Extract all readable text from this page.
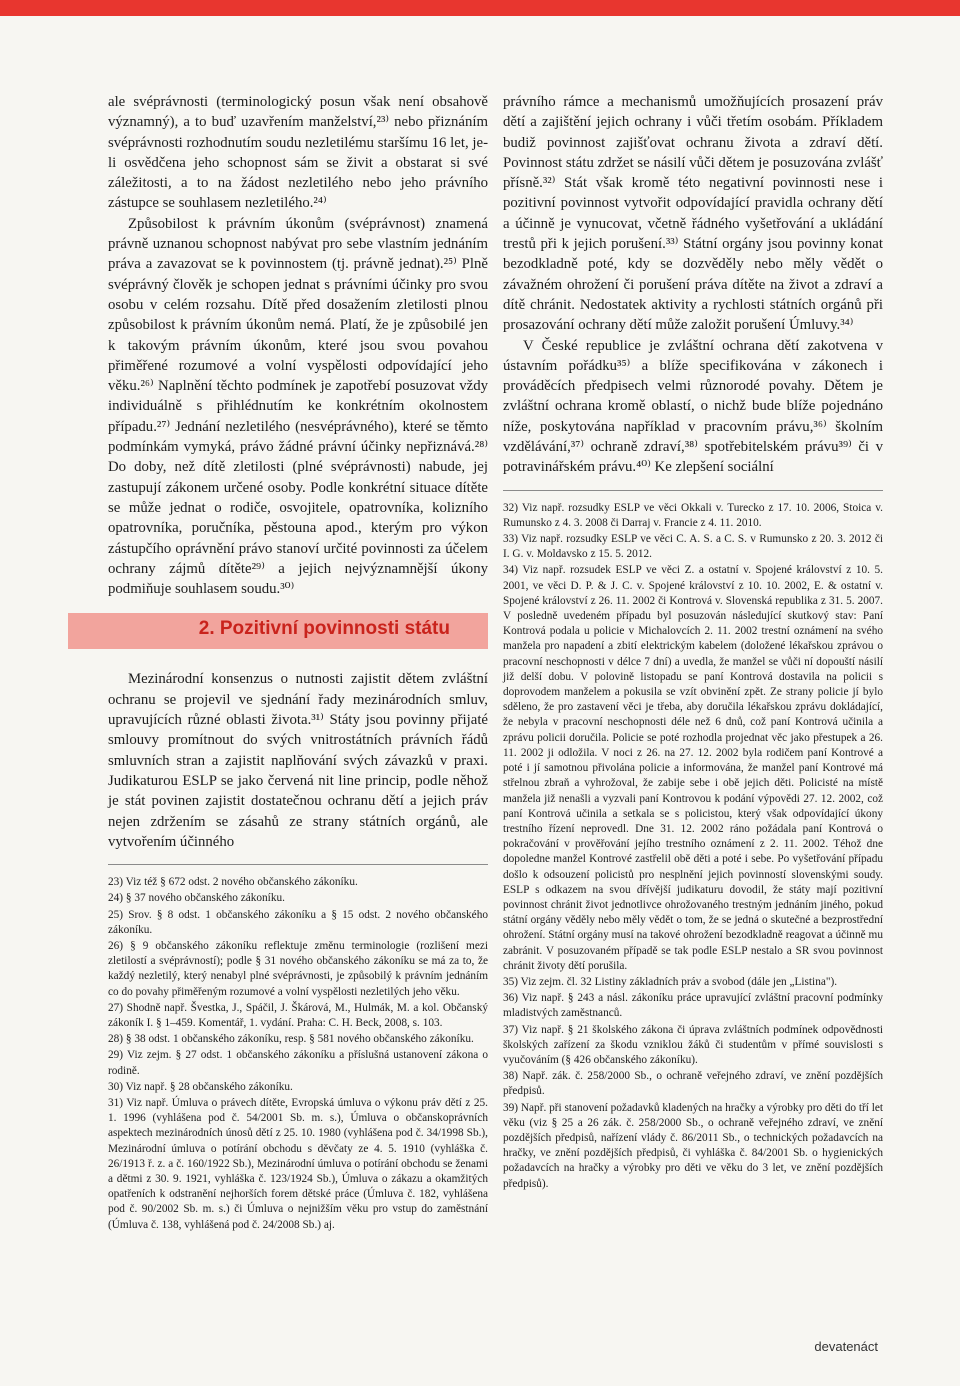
ale svéprávnosti (terminologický posun však není obsahově významný), a to buď uzavřením manželství,²³⁾ nebo přiznáním svéprávnosti rozhodnutím soudu nezletilému staršímu 16 let, je-li osvědčena jeho schopnost sám se živit a obstarat si své záležitosti, a to na žádost nezletilého nebo jeho právního zástupce se souhlasem nezletilého.²⁴⁾

Způsobilost k právním úkonům (svéprávnost) znamená právně uznanou schopnost nabývat pro sebe vlastním jednáním práva a zavazovat se k povinnostem (tj. právně jednat).²⁵⁾ Plně svéprávný člověk je schopen jednat s právními účinky pro svou osobu v celém rozsahu. Dítě před dosažením zletilosti plnou způsobilost k právním úkonům nemá. Platí, že je způsobilé jen k takovým právním úkonům, které jsou svou povahou přiměřené rozumové a volní vyspělosti odpovídající jeho věku.²⁶⁾ Naplnění těchto podmínek je zapotřebí posuzovat vždy individuálně s přihlédnutím ke konkrétním okolnostem případu.²⁷⁾ Jednání nezletilého (nesvéprávného), které se těmto podmínkám vymyká, právo žádné právní účinky nepřiznává.²⁸⁾ Do doby, než dítě zletilosti (plné svéprávnosti) nabude, jej zastupují zákonem určené osoby. Podle konkrétní situace dítěte se může jednat o rodiče, osvojitele, opatrovníka, kolizního opatrovníka, poručníka, pěstouna apod., kterým pro výkon zástupčího oprávnění právo stanoví určité povinnosti za účelem ochrany zájmů dítěte²⁹⁾ a jejich nejvýznamnější úkony podmiňuje souhlasem soudu.³⁰⁾

2. Pozitivní povinnosti státu

Mezinárodní konsenzus o nutnosti zajistit dětem zvláštní ochranu se projevil ve sjednání řady mezinárodních smluv, upravujících různé oblasti života.³¹⁾ Státy jsou povinny přijaté smlouvy promítnout do svých vnitrostátních právních řádů smluvních stran a zajistit naplňování svých závazků v praxi. Judikaturou ESLP se jako červená nit line princip, podle něhož je stát povinen zajistit dostatečnou ochranu dětí a jejich práv nejen zdržením se zásahů ze strany státních orgánů, ale vytvořením účinného

23) Viz též § 672 odst. 2 nového občanského zákoníku.
24) § 37 nového občanského zákoníku.
25) Srov. § 8 odst. 1 občanského zákoníku a § 15 odst. 2 nového občanského zákoníku.
26) § 9 občanského zákoníku reflektuje změnu terminologie (rozlišení mezi zletilostí a svéprávností); podle § 31 nového občanského zákoníku se má za to, že každý nezletilý, který nenabyl plné svéprávnosti, je způsobilý k právním jednáním co do povahy přiměřeným rozumové a volní vyspělosti nezletilých jeho věku.
27) Shodně např. Švestka, J., Spáčil, J. Škárová, M., Hulmák, M. a kol. Občanský zákoník I. § 1–459. Komentář, 1. vydání. Praha: C. H. Beck, 2008, s. 103.
28) § 38 odst. 1 občanského zákoníku, resp. § 581 nového občanského zákoníku.
29) Viz zejm. § 27 odst. 1 občanského zákoníku a příslušná ustanovení zákona o rodině.
30) Viz např. § 28 občanského zákoníku.
31) Viz např. Úmluva o právech dítěte, Evropská úmluva o výkonu práv dětí z 25. 1. 1996 (vyhlášena pod č. 54/2001 Sb. m. s.), Úmluva o občanskoprávních aspektech mezinárodních únosů dětí z 25. 10. 1980 (vyhlášena pod č. 34/1998 Sb.), Mezinárodní úmluva o potírání obchodu s děvčaty ze 4. 5. 1910 (vyhláška č. 26/1913 ř. z. a č. 160/1922 Sb.), Mezinárodní úmluva o potírání obchodu se ženami a dětmi z 30. 9. 1921, vyhláška č. 123/1924 Sb.), Úmluva o zákazu a okamžitých opatřeních k odstranění nejhorších forem dětské práce (Úmluva č. 182, vyhlášena pod č. 90/2002 Sb. m. s.) či Úmluva o nejnižším věku pro vstup do zaměstnání (Úmluva č. 138, vyhlášená pod č. 24/2008 Sb.) aj.

právního rámce a mechanismů umožňujících prosazení práv dětí a zajištění jejich ochrany i vůči třetím osobám. Příkladem budiž povinnost zajišťovat ochranu života a zdraví dětí. Povinnost státu zdržet se násilí vůči dětem je posuzována zvlášť přísně.³²⁾ Stát však kromě této negativní povinnosti nese i pozitivní povinnost vytvořit odpovídající pravidla ochrany dětí a účinně je vynucovat, včetně řádného vyšetřování a ukládání trestů při k jejich porušení.³³⁾ Státní orgány jsou povinny konat bezodkladně poté, kdy se dozvěděly nebo měly vědět o závažném ohrožení či porušení práva dítěte na život a zdraví a dítě chránit. Nedostatek aktivity a rychlosti státních orgánů při prosazování ochrany dětí může založit porušení Úmluvy.³⁴⁾

V České republice je zvláštní ochrana dětí zakotvena v ústavním pořádku³⁵⁾ a blíže specifikována v zákonech i prováděcích předpisech velmi různorodé povahy. Dětem je zvláštní ochrana kromě oblastí, o nichž bude blíže pojednáno níže, poskytována například v pracovním právu,³⁶⁾ školním vzdělávání,³⁷⁾ ochraně zdraví,³⁸⁾ spotřebitelském právu³⁹⁾ či v potravinářském právu.⁴⁰⁾ Ke zlepšení sociální

32) Viz např. rozsudky ESLP ve věci Okkali v. Turecko z 17. 10. 2006, Stoica v. Rumunsko z 4. 3. 2008 či Darraj v. Francie z 4. 11. 2010.
33) Viz např. rozsudky ESLP ve věci C. A. S. a C. S. v Rumunsko z 20. 3. 2012 či I. G. v. Moldavsko z 15. 5. 2012.
34) Viz např. rozsudek ESLP ve věci Z. a ostatní v. Spojené království z 10. 5. 2001, ve věci D. P. & J. C. v. Spojené království z 10. 10. 2002, E. & ostatní v. Spojené království z 26. 11. 2002 či Kontrová v. Slovenská republika z 31. 5. 2007. V posledně uvedeném případu byl posuzován následující skutkový stav: Paní Kontrová podala u policie v Michalovcích 2. 11. 2002 trestní oznámení na svého manžela pro napadení a zbití elektrickým kabelem (doložené lékařskou zprávou o pracovní neschopnosti v délce 7 dní) a uvedla, že manžel se vůči ní dopouští násilí již delší dobu. V polovině listopadu se paní Kontrová dostavila na policii s doprovodem manželem a pokusila se vzít obvinění zpět. Ze strany policie jí bylo sděleno, že pro zastavení věci je třeba, aby doručila lékařskou zprávu dokládající, že nebyla v pracovní neschopnosti déle než 6 dnů, což paní Kontrová učinila a zprávu policii doručila. Policie se poté rozhodla projednat věc jako přestupek a 26. 11. 2002 ji odložila. V noci z 26. na 27. 12. 2002 byla rodičem paní Kontrové a poté i jí samotnou přivolána policie a informována, že manžel paní Kontrové má střelnou zbraň a vyhrožoval, že zabije sebe i obě jejich děti. Policisté na místě manžela již nenašli a vyzvali paní Kontrovou k podání výpovědi 27. 12. 2002, což paní Kontrová učinila a setkala se s policistou, který však odpovídající úkony trestního řízení neprovedl. Dne 31. 12. 2002 ráno požádala paní Kontrová o pokračování v prověřování jejího trestního oznámení z 2. 11. 2002. Téhož dne dopoledne manžel Kontrové zastřelil obě děti a poté i sebe. Po vyšetřování případu došlo k odsouzení policistů pro nesplnění jejich povinností slovenskými soudy. ESLP s odkazem na svou dřívější judikaturu dovodil, že státy mají pozitivní povinnost chránit život jednotlivce ohrožovaného trestným jednáním jiného, pokud státní orgány věděly nebo měly vědět o tom, že se jedná o skutečné a bezprostřední ohrožení. Státní orgány musí na takové ohrožení bezodkladně reagovat a účinně mu zabránit. V posuzovaném případě se tak podle ESLP nestalo a SR svou povinnost chránit životy dětí porušila.
35) Viz zejm. čl. 32 Listiny základních práv a svobod (dále jen „Listina").
36) Viz např. § 243 a násl. zákoníku práce upravující zvláštní pracovní podmínky mladistvých zaměstnanců.
37) Viz např. § 21 školského zákona či úprava zvláštních podmínek odpovědnosti školských zařízení za škodu vzniklou žáků či studentům v přímé souvislosti s vyučováním (§ 426 občanského zákoníku).
38) Např. zák. č. 258/2000 Sb., o ochraně veřejného zdraví, ve znění pozdějších předpisů.
39) Např. při stanovení požadavků kladených na hračky a výrobky pro děti do tří let věku (viz § 25 a 26 zák. č. 258/2000 Sb., o ochraně veřejného zdraví, ve znění pozdějších předpisů, nařízení vlády č. 86/2011 Sb., o technických požadavcích na hračky, ve znění pozdějších předpisů, či vyhláška č. 84/2001 Sb. o hygienických požadavcích na hračky a výrobky pro děti ve věku do 3 let, ve znění pozdějších předpisů).
devatenáct
